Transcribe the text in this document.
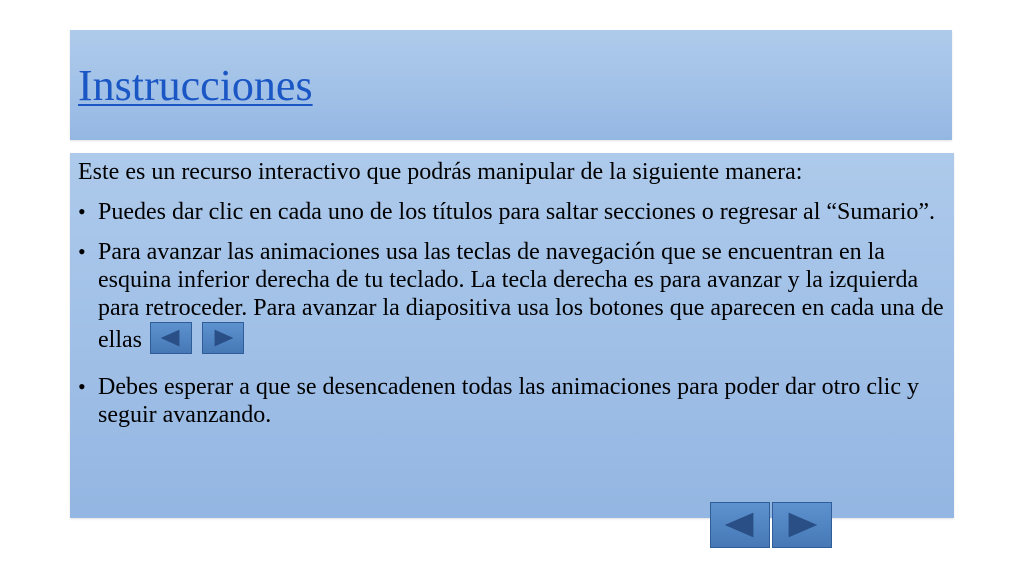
Instrucciones

Este es un recurso interactivo que podrás manipular de la siguiente manera:

• Puedes dar clic en cada uno de los títulos para saltar secciones o regresar al “Sumario”.

• Para avanzar las animaciones usa las teclas de navegación que se encuentran en la esquina inferior derecha de tu teclado. La tecla derecha es para avanzar y la izquierda para retroceder. Para avanzar la diapositiva usa los botones que aparecen en cada una de ellas

• Debes esperar a que se desencadenen todas las animaciones para poder dar otro clic y seguir avanzando.
